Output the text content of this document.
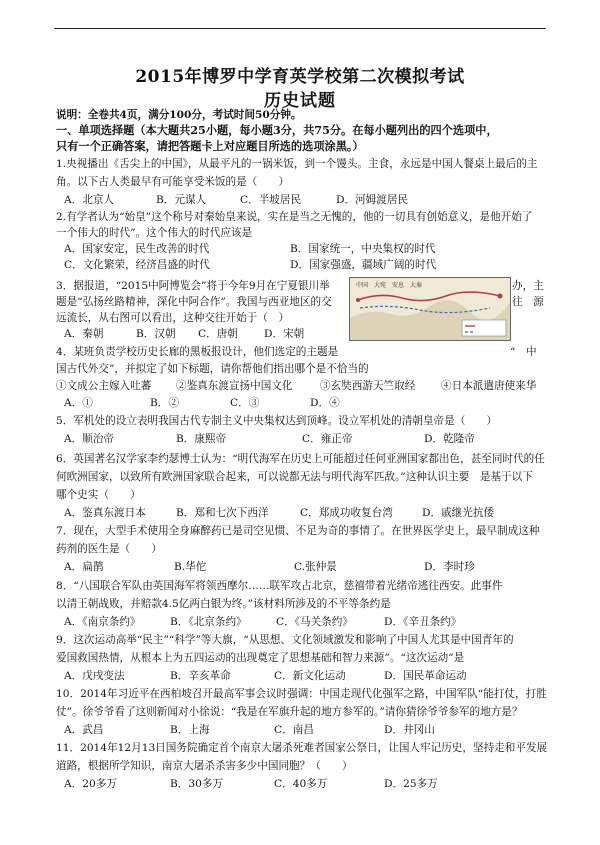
2015年博罗中学育英学校第二次模拟考试
历史试题
说明：全卷共4页，满分100分，考试时间50分钟。
一、单项选择题（本大题共25小题，每小题3分，共75分。在每小题列出的四个选项中，
只有一个正确答案，请把答题卡上对应题目所选的选项涂黑。）
1.央视播出《舌尖上的中国》，从最平凡的一锅米饭，到一个馒头。主食，永远是中国人餐桌上最后的主
角。以下古人类最早有可能享受米饭的是（　　）
A．北京人	B．元谋人	C．半坡居民	D．河姆渡居民
2.有学者认为“始皇”这个称号对秦始皇来说，实在是当之无愧的，他的一切具有创始意义，是他开始了
一个伟大的时代”。这个伟大的时代应该是
A．国家安定，民生改善的时代	B．国家统一，中央集权的时代
C．文化繁荣，经济昌盛的时代	D．国家强盛，疆域广阔的时代
3．据报道，“2015中阿博览会”将于今年9月在宁夏银川举	办，主
题是“弘扬丝路精神，深化中阿合作”。我国与西亚地区的交	往　源
远流长，从右图可以看出，这种交往开始于（　）
A．秦朝	B．汉朝 C．唐朝 D．宋朝
中国　大宛　安息　大秦
4．某班负责学校历史长廊的黑板报设计，他们选定的主题是	“　中
国古代外交”，并拟定了如下标题，请你帮他们指出哪个是不恰当的
①文成公主嫁入吐蕃 ②鉴真东渡宣扬中国文化	③玄奘西游天竺取经 ④日本派遣唐使来华
A．①	B．②	C．③	D．④
5．军机处的设立表明我国古代专制主义中央集权达到顶峰。设立军机处的清朝皇帝是（　　）
A．顺治帝	B．康熙帝	C．雍正帝	D．乾隆帝
6．英国著名汉学家李约瑟博士认为：“明代海军在历史上可能超过任何亚洲国家都出色，甚至同时代的任
何欧洲国家，以致所有欧洲国家联合起来，可以说都无法与明代海军匹敌。”这种认识主要　是基于以下
哪个史实（　　）
A．鉴真东渡日本	B．郑和七次下西洋	C．郑成功收复台湾	D．戚继光抗倭
7．现在，大型手术使用全身麻醉药已是司空见惯、不足为奇的事情了。在世界医学史上，最早制成这种
药剂的医生是（　　）
A．扁鹊	B.华佗	C.张仲景	D．李时珍
8．“八国联合军队由英国海军将领西摩尔……联军攻占北京，慈禧带着光绪帝逃往西安。此事件
以清王朝战败，并赔款4.5亿两白银为终。”该材料所涉及的不平等条约是
A．《南京条约》	B．《北京条约》	C．《马关条约》	D．《辛丑条约》
9．这次运动高举“民主”“科学”等大旗，“从思想、文化领域激发和影响了中国人尤其是中国青年的
爱国救国热情，从根本上为五四运动的出现奠定了思想基础和智力来源”。“这次运动”是
A．戊戌变法	B．辛亥革命	C．新文化运动	D．国民革命运动
10．2014年习近平在西柏坡召开最高军事会议时强调：中国走现代化强军之路，中国军队“能打仗，打胜
仗”。徐爷爷看了这则新闻对小徐说：“我是在军旗升起的地方参军的。”请你猜徐爷爷参军的地方是？
A．武昌	B．上海	C．南昌	D．井冈山
11．2014年12月13日国务院确定首个南京大屠杀死难者国家公祭日，让国人牢记历史，坚持走和平发展
道路，根据所学知识，南京大屠杀杀害多少中国同胞？（　　）
A．20多万	B．30多万	C．40多万	D．25多万
